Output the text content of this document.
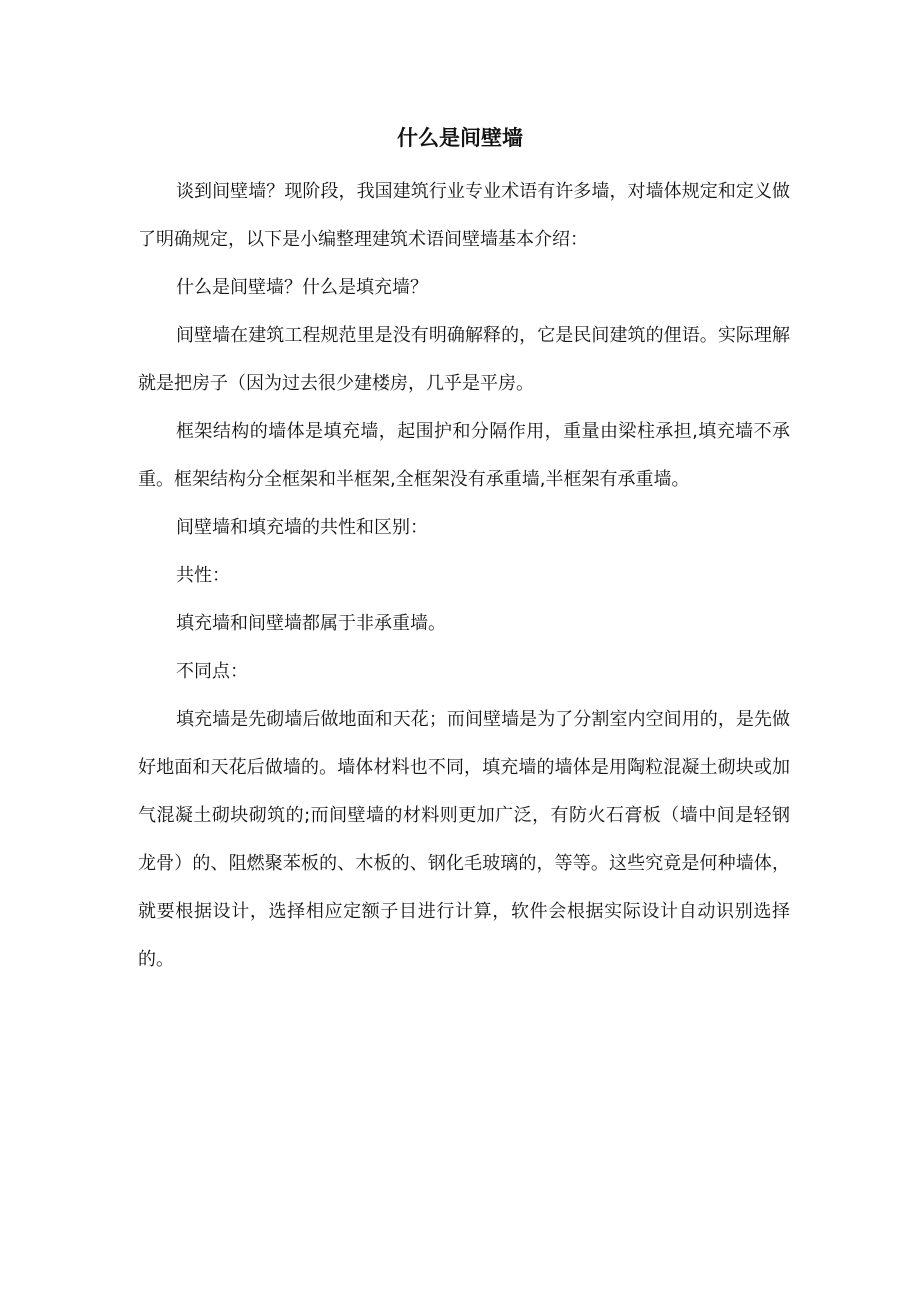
什么是间壁墙

谈到间壁墙？现阶段，我国建筑行业专业术语有许多墙，对墙体规定和定义做了明确规定，以下是小编整理建筑术语间壁墙基本介绍：

什么是间壁墙？什么是填充墙？

间壁墙在建筑工程规范里是没有明确解释的，它是民间建筑的俚语。实际理解就是把房子（因为过去很少建楼房，几乎是平房。

框架结构的墙体是填充墙，起围护和分隔作用，重量由梁柱承担,填充墙不承重。框架结构分全框架和半框架,全框架没有承重墙,半框架有承重墙。

间壁墙和填充墙的共性和区别：

共性：

填充墙和间壁墙都属于非承重墙。

不同点：

填充墙是先砌墙后做地面和天花；而间壁墙是为了分割室内空间用的，是先做好地面和天花后做墙的。墙体材料也不同，填充墙的墙体是用陶粒混凝土砌块或加气混凝土砌块砌筑的;而间壁墙的材料则更加广泛，有防火石膏板（墙中间是轻钢龙骨）的、阻燃聚苯板的、木板的、钢化毛玻璃的，等等。这些究竟是何种墙体，就要根据设计，选择相应定额子目进行计算，软件会根据实际设计自动识别选择的。
